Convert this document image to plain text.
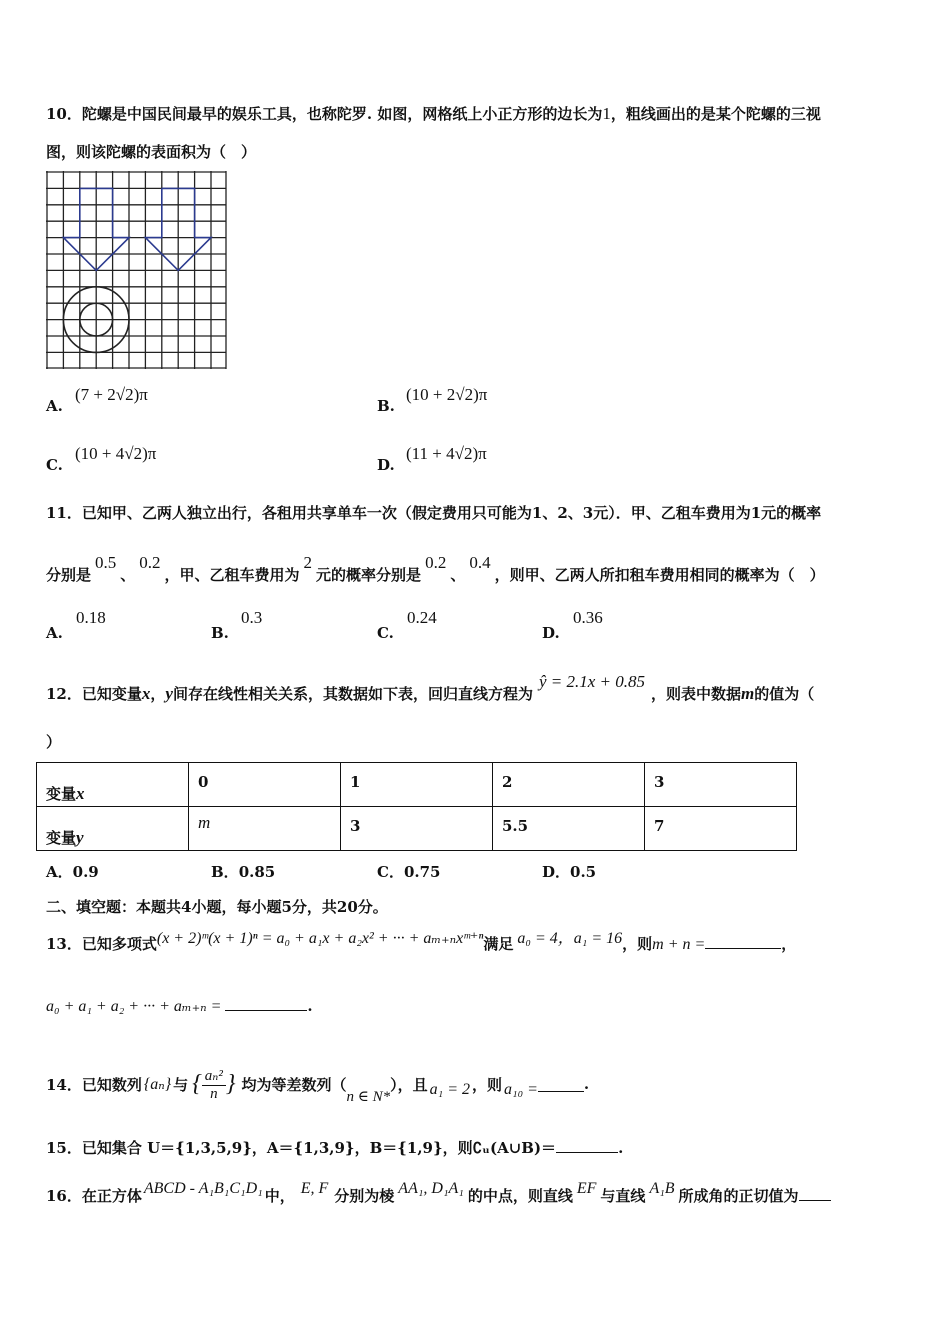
10．陀螺是中国民间最早的娱乐工具，也称陀罗. 如图，网格纸上小正方形的边长为1，粗线画出的是某个陀螺的三视
图，则该陀螺的表面积为（　）
A.
(7 + 2√2)π
B.
(10 + 2√2)π
C.
(10 + 4√2)π
D.
(11 + 4√2)π
11．已知甲、乙两人独立出行，各租用共享单车一次（假定费用只可能为1、2、3元）．甲、乙租车费用为1元的概率
分别是0.5、0.2，甲、乙租车费用为2元的概率分别是0.2、0.4，则甲、乙两人所扣租车费用相同的概率为（　）
A.
0.18
B.
0.3
C.
0.24
D.
0.36
12．已知变量x，y间存在线性相关关系，其数据如下表，回归直线方程为ŷ = 2.1x + 0.85，则表中数据m的值为（
）
变量x	0	1	2	3
变量y	m	3	5.5	7
A．0.9	B．0.85	C．0.75	D．0.5
二、填空题：本题共4小题，每小题5分，共20分。
13．已知多项式(x + 2)ᵐ(x + 1)ⁿ = a₀ + a₁x + a₂x² + ··· + aₘ₊ₙxᵐ⁺ⁿ满足 a₀ = 4，a₁ = 16，则m + n =	，
a₀ + a₁ + a₂ + ··· + aₘ₊ₙ =	.
14．已知数列 {aₙ} 与 { $\frac{\text{aₙ²}}{n}$ } 均为等差数列（
n ∈ N*
），且 a₁ = 2 ，则 a₁₀ =	.
15．已知集合 U＝{1,3,5,9}，A＝{1,3,9}，B＝{1,9}，则∁ᵤ(A∪B)＝	.
16．在正方体 ABCD - A₁B₁C₁D₁ 中， E, F 分别为棱 AA₁, D₁A₁ 的中点，则直线 EF 与直线 A₁B 所成角的正切值为
